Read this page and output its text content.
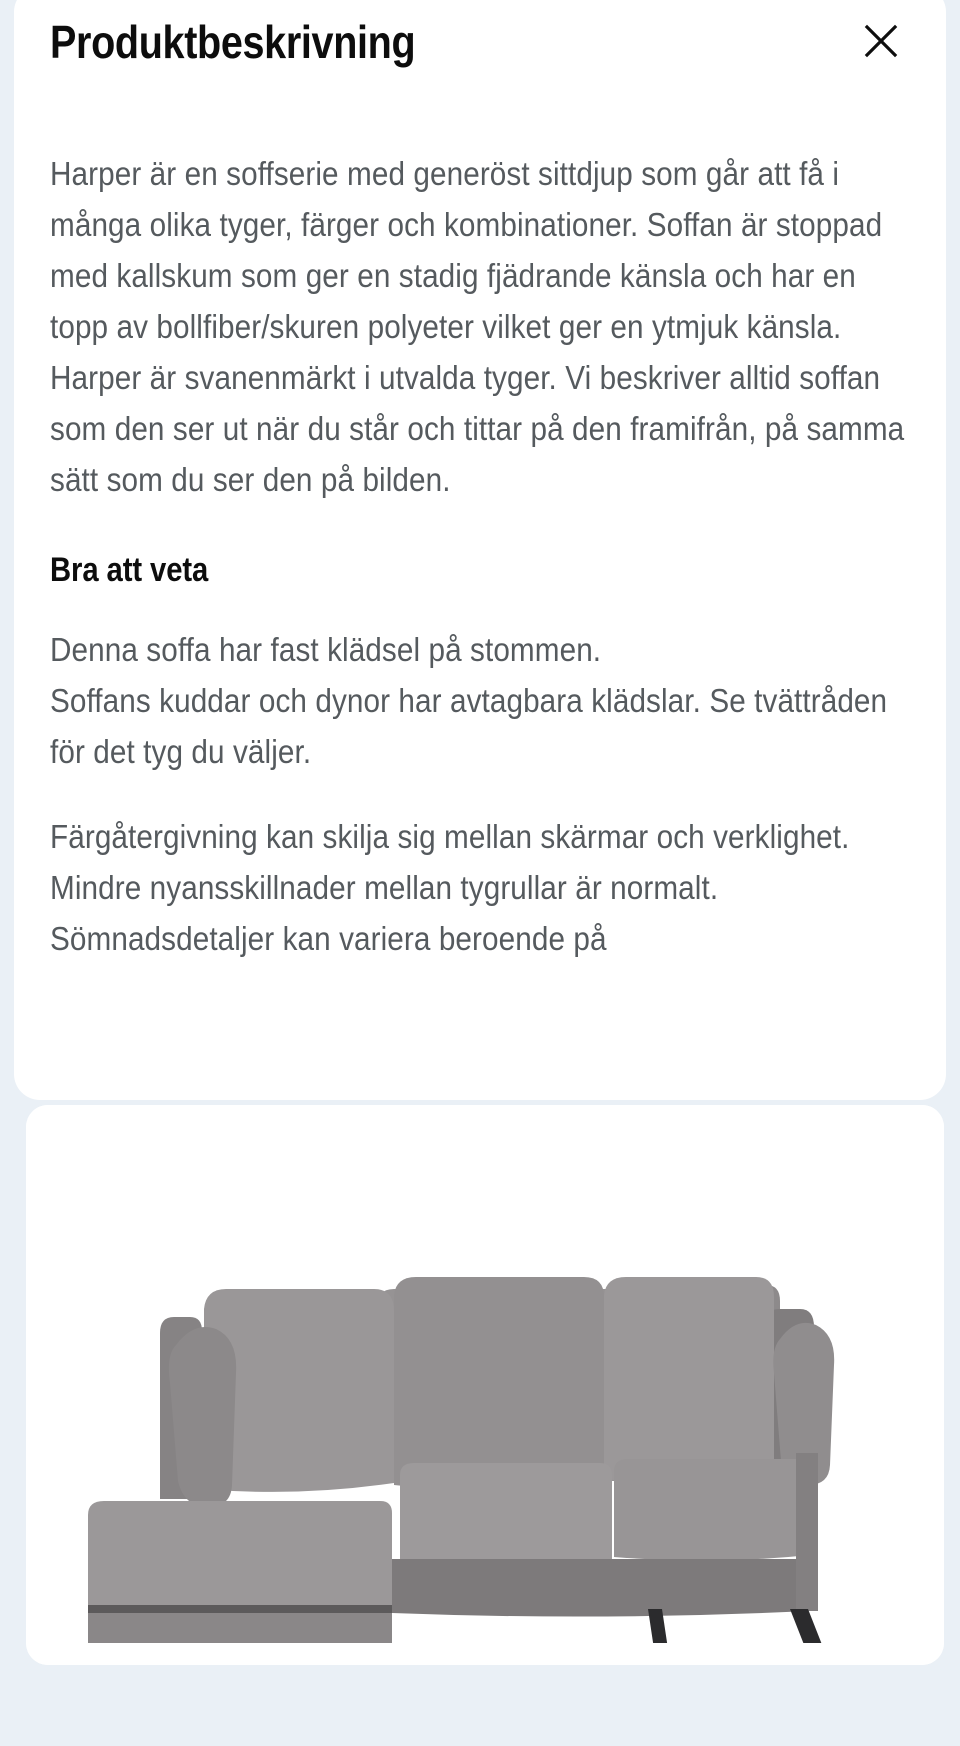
Produktbeskrivning

Harper är en soffserie med generöst sittdjup som går att få i många olika tyger, färger och kombinationer. Soffan är stoppad med kallskum som ger en stadig fjädrande känsla och har en topp av bollfiber/skuren polyeter vilket ger en ytmjuk känsla. Harper är svanenmärkt i utvalda tyger. Vi beskriver alltid soffan som den ser ut när du står och tittar på den framifrån, på samma sätt som du ser den på bilden.

Bra att veta

Denna soffa har fast klädsel på stommen.

Soffans kuddar och dynor har avtagbara klädslar. Se tvättråden för det tyg du väljer.

Färgåtergivning kan skilja sig mellan skärmar och verklighet. Mindre nyansskillnader mellan tygrullar är normalt. Sömnadsdetaljer kan variera beroende på
